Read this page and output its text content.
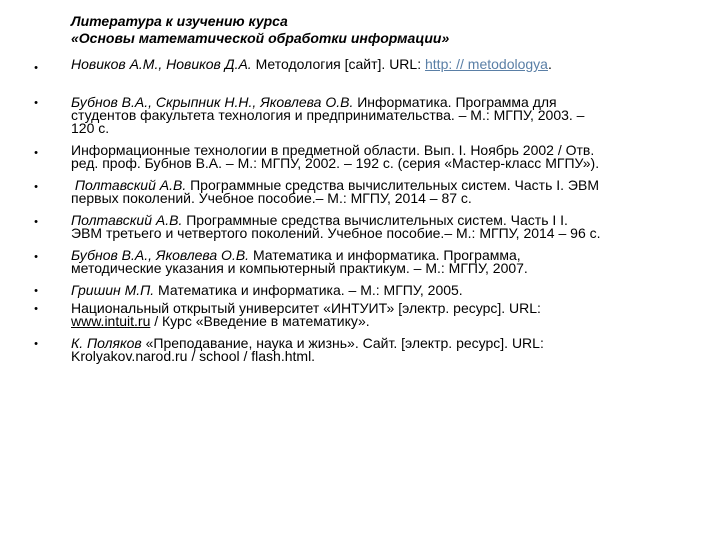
Литература к изучению курса
«Основы математической обработки информации»
•
•
•
•
•
•
•
•
•
Новиков А.М., Новиков Д.А. Методология [сайт]. URL: http: // metodologya.
Бубнов В.А., Скрыпник Н.Н., Яковлева О.В. Информатика. Программа для
студентов факультета технология и предпринимательства. – М.: МГПУ, 2003. –
120 с.
Информационные технологии в предметной области. Вып. I. Ноябрь 2002 / Отв.
ред. проф. Бубнов В.А. – М.: МГПУ, 2002. – 192 с. (серия «Мастер-класс МГПУ»).
Полтавский А.В. Программные средства вычислительных систем. Часть I. ЭВМ
первых поколений. Учебное пособие.– М.: МГПУ, 2014 – 87 с.
Полтавский А.В. Программные средства вычислительных систем. Часть I I.
ЭВМ третьего и четвертого поколений. Учебное пособие.– М.: МГПУ, 2014 – 96 с.
Бубнов В.А., Яковлева О.В. Математика и информатика. Программа,
методические указания и компьютерный практикум. – М.: МГПУ, 2007.
Гришин М.П. Математика и информатика. – М.: МГПУ, 2005.
Национальный открытый университет «ИНТУИТ» [электр. ресурс]. URL:
www.intuit.ru / Курс «Введение в математику».
К. Поляков «Преподавание, наука и жизнь». Сайт. [электр. ресурс]. URL:
Krolyakov.narod.ru / school / flash.html.
